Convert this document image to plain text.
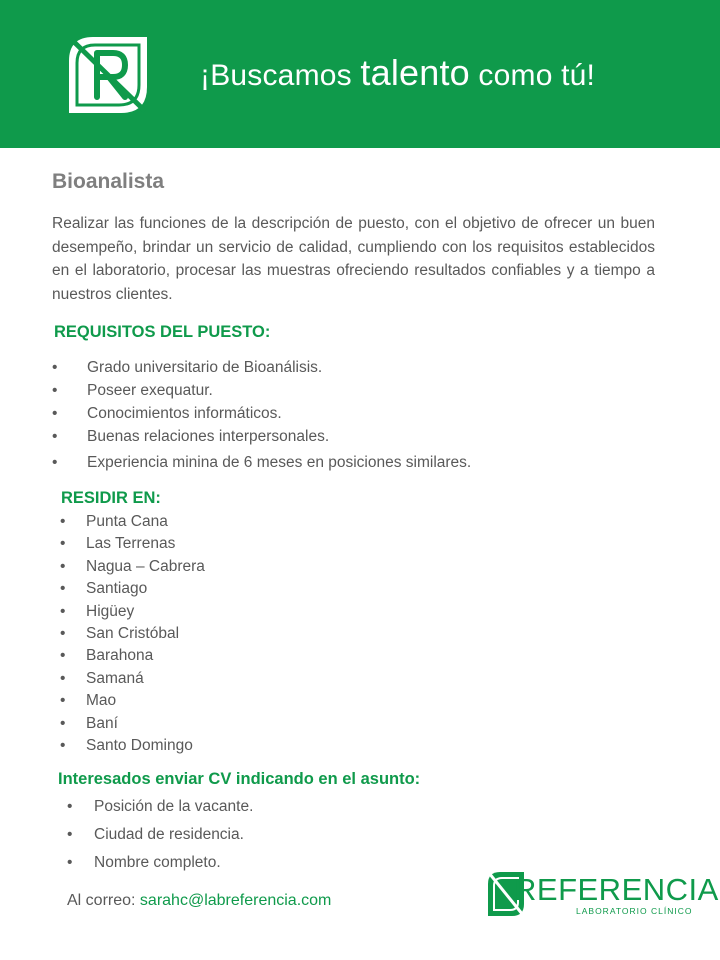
¡Buscamos talento como tú!
Bioanalista

Realizar las funciones de la descripción de puesto, con el objetivo de ofrecer un buen desempeño, brindar un servicio de calidad, cumpliendo con los requisitos establecidos en el laboratorio, procesar las muestras ofreciendo resultados confiables y a tiempo a nuestros clientes.

REQUISITOS DEL PUESTO:
• Grado universitario de Bioanálisis.
• Poseer exequatur.
• Conocimientos informáticos.
• Buenas relaciones interpersonales.
• Experiencia minina de 6 meses en posiciones similares.
RESIDIR EN:
• Punta Cana
• Las Terrenas
• Nagua – Cabrera
• Santiago
• Higüey
• San Cristóbal
• Barahona
• Samaná
• Mao
• Baní
• Santo Domingo
Interesados enviar CV indicando en el asunto:
• Posición de la vacante.
• Ciudad de residencia.
• Nombre completo.
Al correo: sarahc@labreferencia.com	REFERENCIA
LABORATORIO CLÍNICO
